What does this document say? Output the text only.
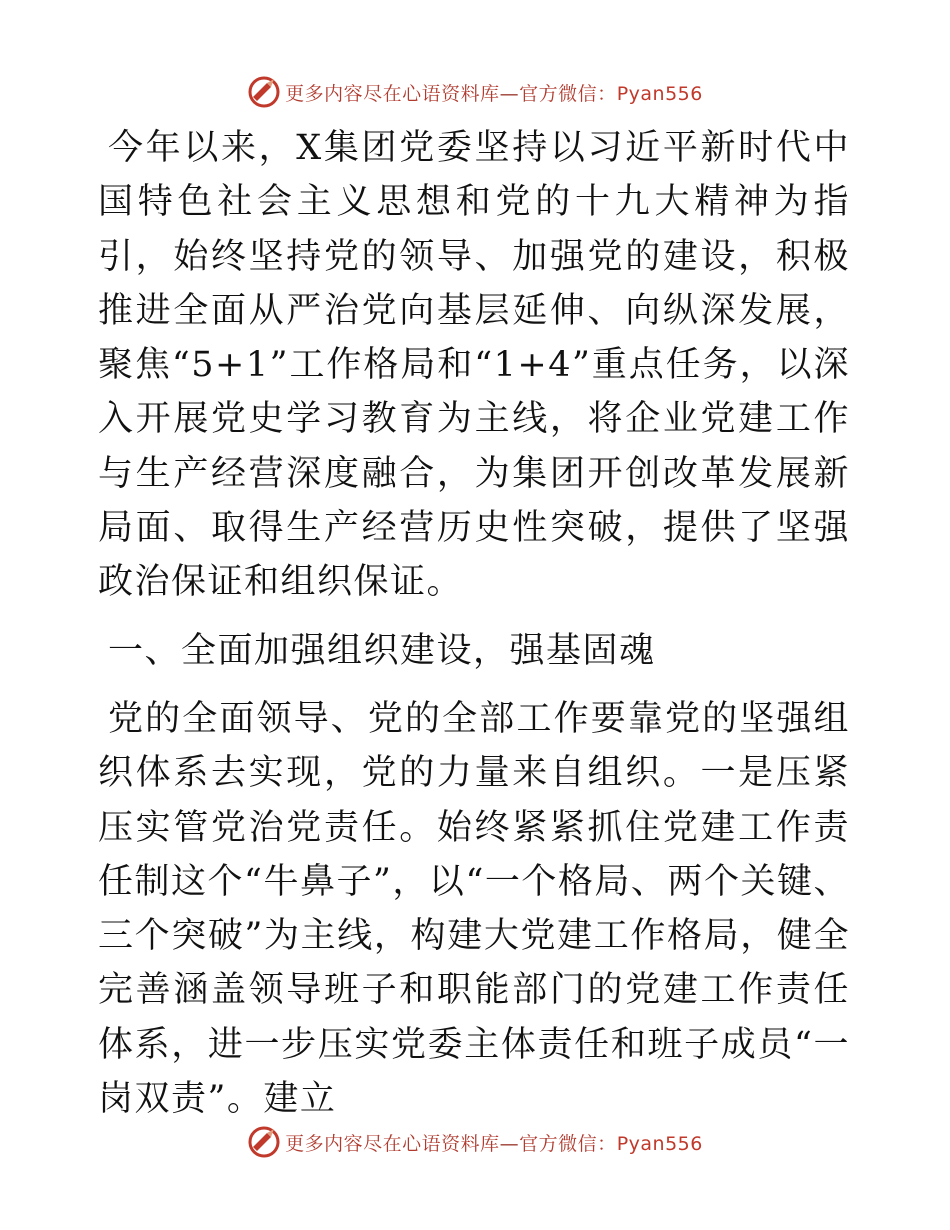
更多内容尽在心语资料库—官方微信：Pyan556

今年以来，X集团党委坚持以习近平新时代中国特色社会主义思想和党的十九大精神为指引，始终坚持党的领导、加强党的建设，积极推进全面从严治党向基层延伸、向纵深发展，聚焦“5+1”工作格局和“1+4”重点任务，以深入开展党史学习教育为主线，将企业党建工作与生产经营深度融合，为集团开创改革发展新局面、取得生产经营历史性突破，提供了坚强政治保证和组织保证。

一、全面加强组织建设，强基固魂

党的全面领导、党的全部工作要靠党的坚强组织体系去实现，党的力量来自组织。一是压紧压实管党治党责任。始终紧紧抓住党建工作责任制这个“牛鼻子”，以“一个格局、两个关键、三个突破”为主线，构建大党建工作格局，健全完善涵盖领导班子和职能部门的党建工作责任体系，进一步压实党委主体责任和班子成员“一岗双责”。建立

更多内容尽在心语资料库—官方微信：Pyan556
